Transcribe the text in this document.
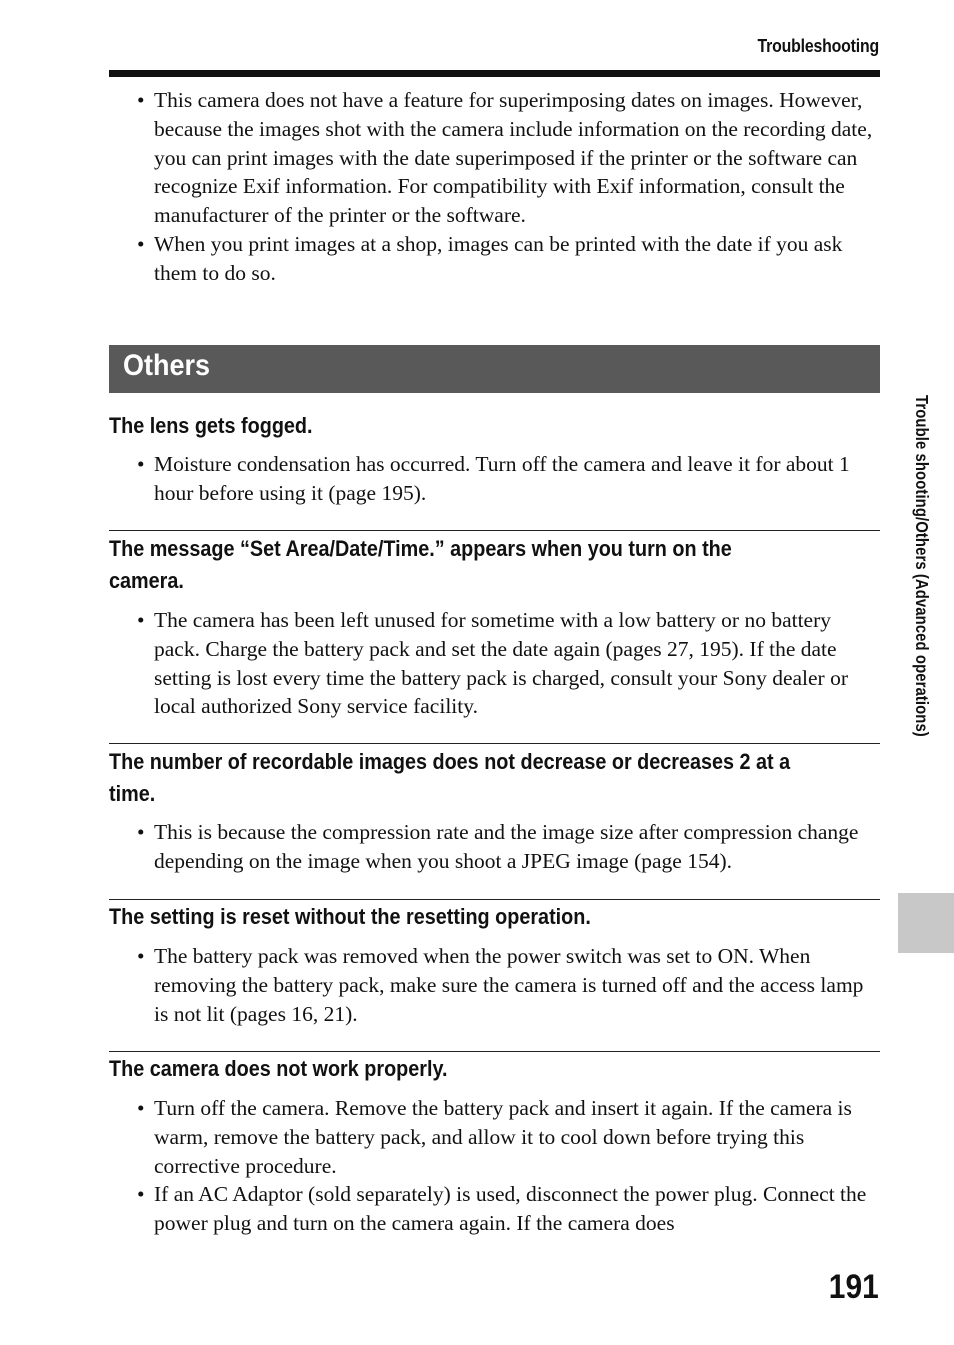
Troubleshooting
• This camera does not have a feature for superimposing dates on images. However, because the images shot with the camera include information on the recording date, you can print images with the date superimposed if the printer or the software can recognize Exif information. For compatibility with Exif information, consult the manufacturer of the printer or the software.
• When you print images at a shop, images can be printed with the date if you ask them to do so.
Others
The lens gets fogged.
• Moisture condensation has occurred. Turn off the camera and leave it for about 1 hour before using it (page 195).
The message “Set Area/Date/Time.” appears when you turn on the camera.
• The camera has been left unused for sometime with a low battery or no battery pack. Charge the battery pack and set the date again (pages 27, 195). If the date setting is lost every time the battery pack is charged, consult your Sony dealer or local authorized Sony service facility.
The number of recordable images does not decrease or decreases 2 at a time.
• This is because the compression rate and the image size after compression change depending on the image when you shoot a JPEG image (page 154).
The setting is reset without the resetting operation.
• The battery pack was removed when the power switch was set to ON. When removing the battery pack, make sure the camera is turned off and the access lamp is not lit (pages 16, 21).
The camera does not work properly.
• Turn off the camera. Remove the battery pack and insert it again. If the camera is warm, remove the battery pack, and allow it to cool down before trying this corrective procedure.
• If an AC Adaptor (sold separately) is used, disconnect the power plug. Connect the power plug and turn on the camera again. If the camera does
Trouble shooting/Others (Advanced operations)
191
